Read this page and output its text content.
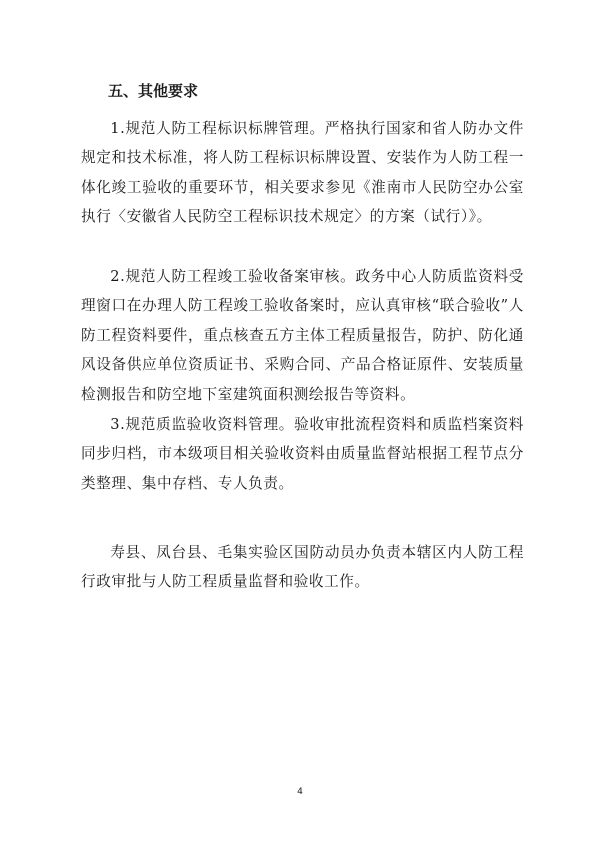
五、其他要求

1.规范人防工程标识标牌管理。严格执行国家和省人防办文件规定和技术标准，将人防工程标识标牌设置、安装作为人防工程一体化竣工验收的重要环节，相关要求参见《淮南市人民防空办公室执行〈安徽省人民防空工程标识技术规定〉的方案（试行）》。

2.规范人防工程竣工验收备案审核。政务中心人防质监资料受理窗口在办理人防工程竣工验收备案时，应认真审核“联合验收”人防工程资料要件，重点核查五方主体工程质量报告，防护、防化通风设备供应单位资质证书、采购合同、产品合格证原件、安装质量检测报告和防空地下室建筑面积测绘报告等资料。

3.规范质监验收资料管理。验收审批流程资料和质监档案资料同步归档，市本级项目相关验收资料由质量监督站根据工程节点分类整理、集中存档、专人负责。

寿县、凤台县、毛集实验区国防动员办负责本辖区内人防工程行政审批与人防工程质量监督和验收工作。

4
